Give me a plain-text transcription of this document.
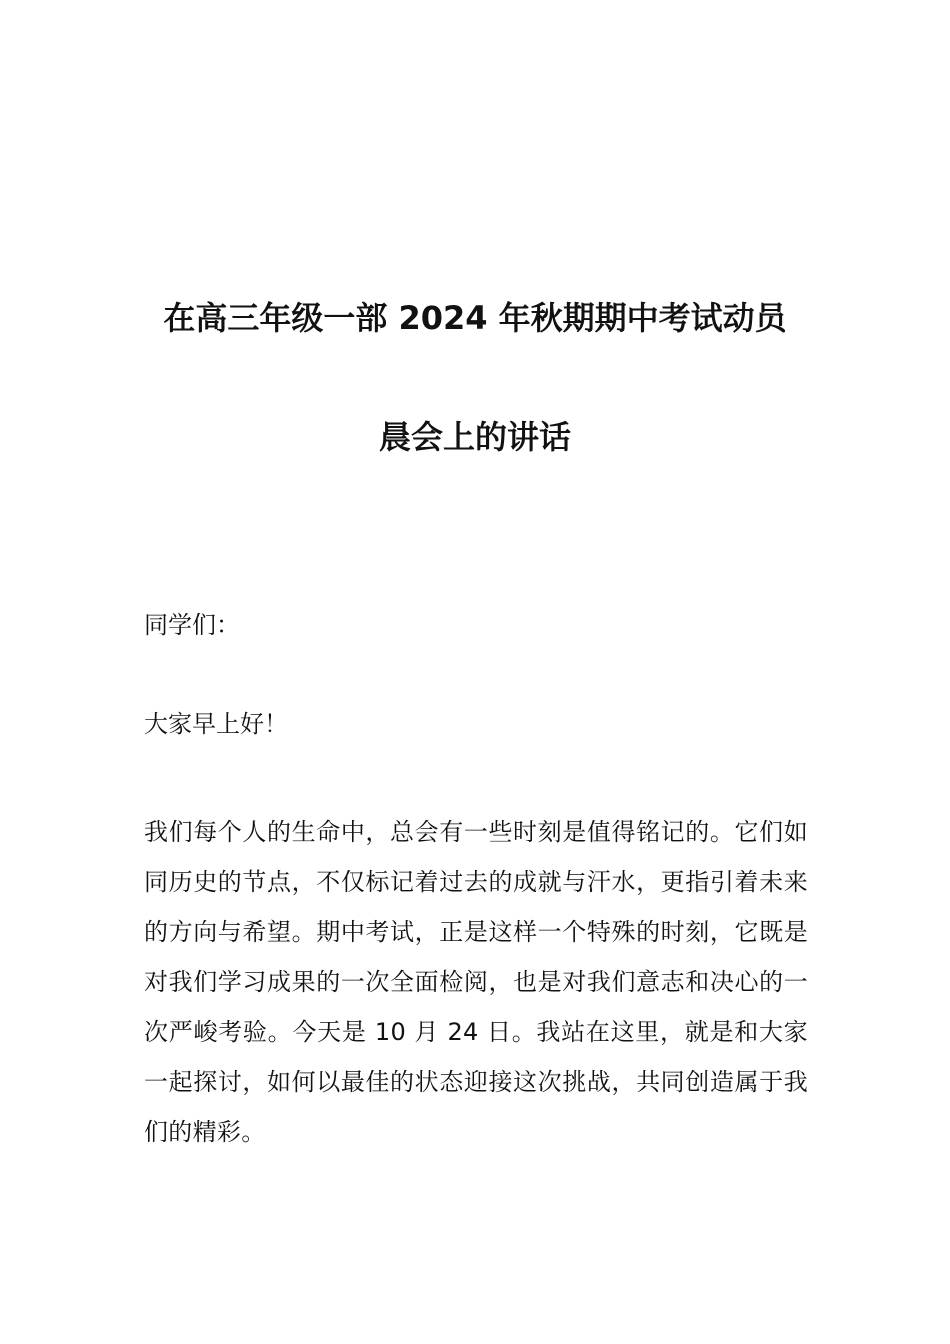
在高三年级一部 2024 年秋期期中考试动员
晨会上的讲话
同学们：
大家早上好！
我们每个人的生命中，总会有一些时刻是值得铭记的。它们如同历史的节点，不仅标记着过去的成就与汗水，更指引着未来的方向与希望。期中考试，正是这样一个特殊的时刻，它既是对我们学习成果的一次全面检阅，也是对我们意志和决心的一次严峻考验。今天是 10 月 24 日。我站在这里，就是和大家一起探讨，如何以最佳的状态迎接这次挑战，共同创造属于我们的精彩。
